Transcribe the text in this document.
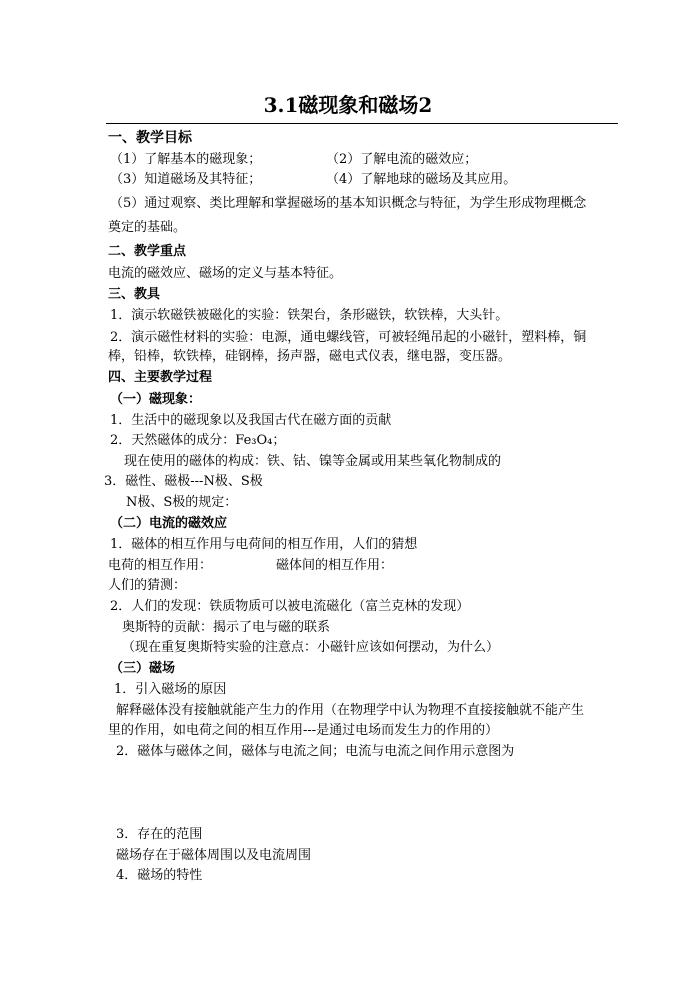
3.1磁现象和磁场2
一、教学目标
（1）了解基本的磁现象；	（2）了解电流的磁效应；
（3）知道磁场及其特征；	（4）了解地球的磁场及其应用。
（5）通过观察、类比理解和掌握磁场的基本知识概念与特征，为学生形成物理概念
奠定的基础。
二、教学重点
电流的磁效应、磁场的定义与基本特征。
三、教具
1．演示软磁铁被磁化的实验：铁架台，条形磁铁，软铁棒，大头针。
2．演示磁性材料的实验：电源，通电螺线管，可被轻绳吊起的小磁针，塑料棒，铜
棒，铅棒，软铁棒，硅钢棒，扬声器，磁电式仪表，继电器，变压器。
四、主要教学过程
（一）磁现象：
1．生活中的磁现象以及我国古代在磁方面的贡献
2．天然磁体的成分：Fe₃O₄；
现在使用的磁体的构成：铁、钴、镍等金属或用某些氧化物制成的
3．磁性、磁极---N极、S极
N极、S极的规定：
（二）电流的磁效应
1．磁体的相互作用与电荷间的相互作用，人们的猜想
电荷的相互作用：	磁体间的相互作用：
人们的猜测：
2．人们的发现：铁质物质可以被电流磁化（富兰克林的发现）
奥斯特的贡献：揭示了电与磁的联系
（现在重复奥斯特实验的注意点：小磁针应该如何摆动，为什么）
（三）磁场
1．引入磁场的原因
解释磁体没有接触就能产生力的作用（在物理学中认为物理不直接接触就不能产生
里的作用，如电荷之间的相互作用---是通过电场而发生力的作用的）
2．磁体与磁体之间，磁体与电流之间；电流与电流之间作用示意图为
3．存在的范围
磁场存在于磁体周围以及电流周围
4．磁场的特性
